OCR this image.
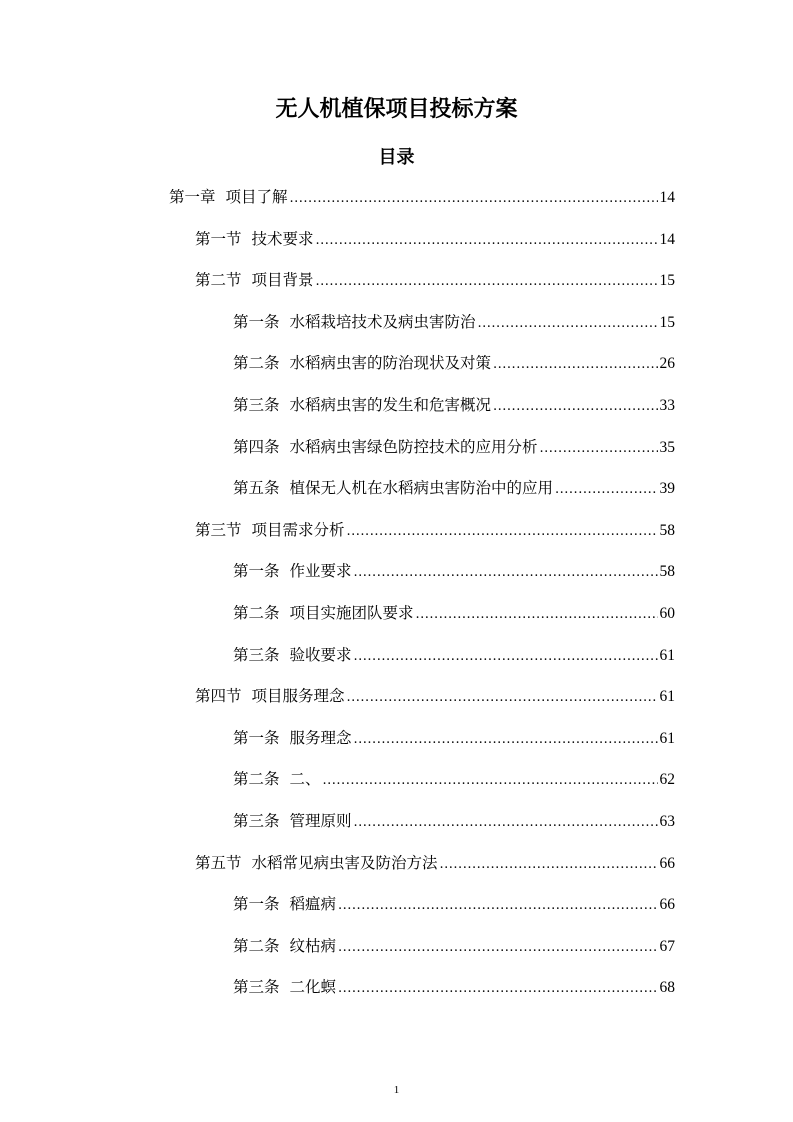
无人机植保项目投标方案
目录
第一章 项目了解 .....	14
第一节 技术要求 .....	14
第二节 项目背景 .....	15
第一条 水稻栽培技术及病虫害防治 .....	15
第二条 水稻病虫害的防治现状及对策 .....	26
第三条 水稻病虫害的发生和危害概况 .....	33
第四条 水稻病虫害绿色防控技术的应用分析 .....	35
第五条 植保无人机在水稻病虫害防治中的应用 .....	39
第三节 项目需求分析 .....	58
第一条 作业要求 .....	58
第二条 项目实施团队要求 .....	60
第三条 验收要求 .....	61
第四节 项目服务理念 .....	61
第一条 服务理念 .....	61
第二条 二、 .....	62
第三条 管理原则 .....	63
第五节 水稻常见病虫害及防治方法 .....	66
第一条 稻瘟病 .....	66
第二条 纹枯病 .....	67
第三条 二化螟 .....	68
1
